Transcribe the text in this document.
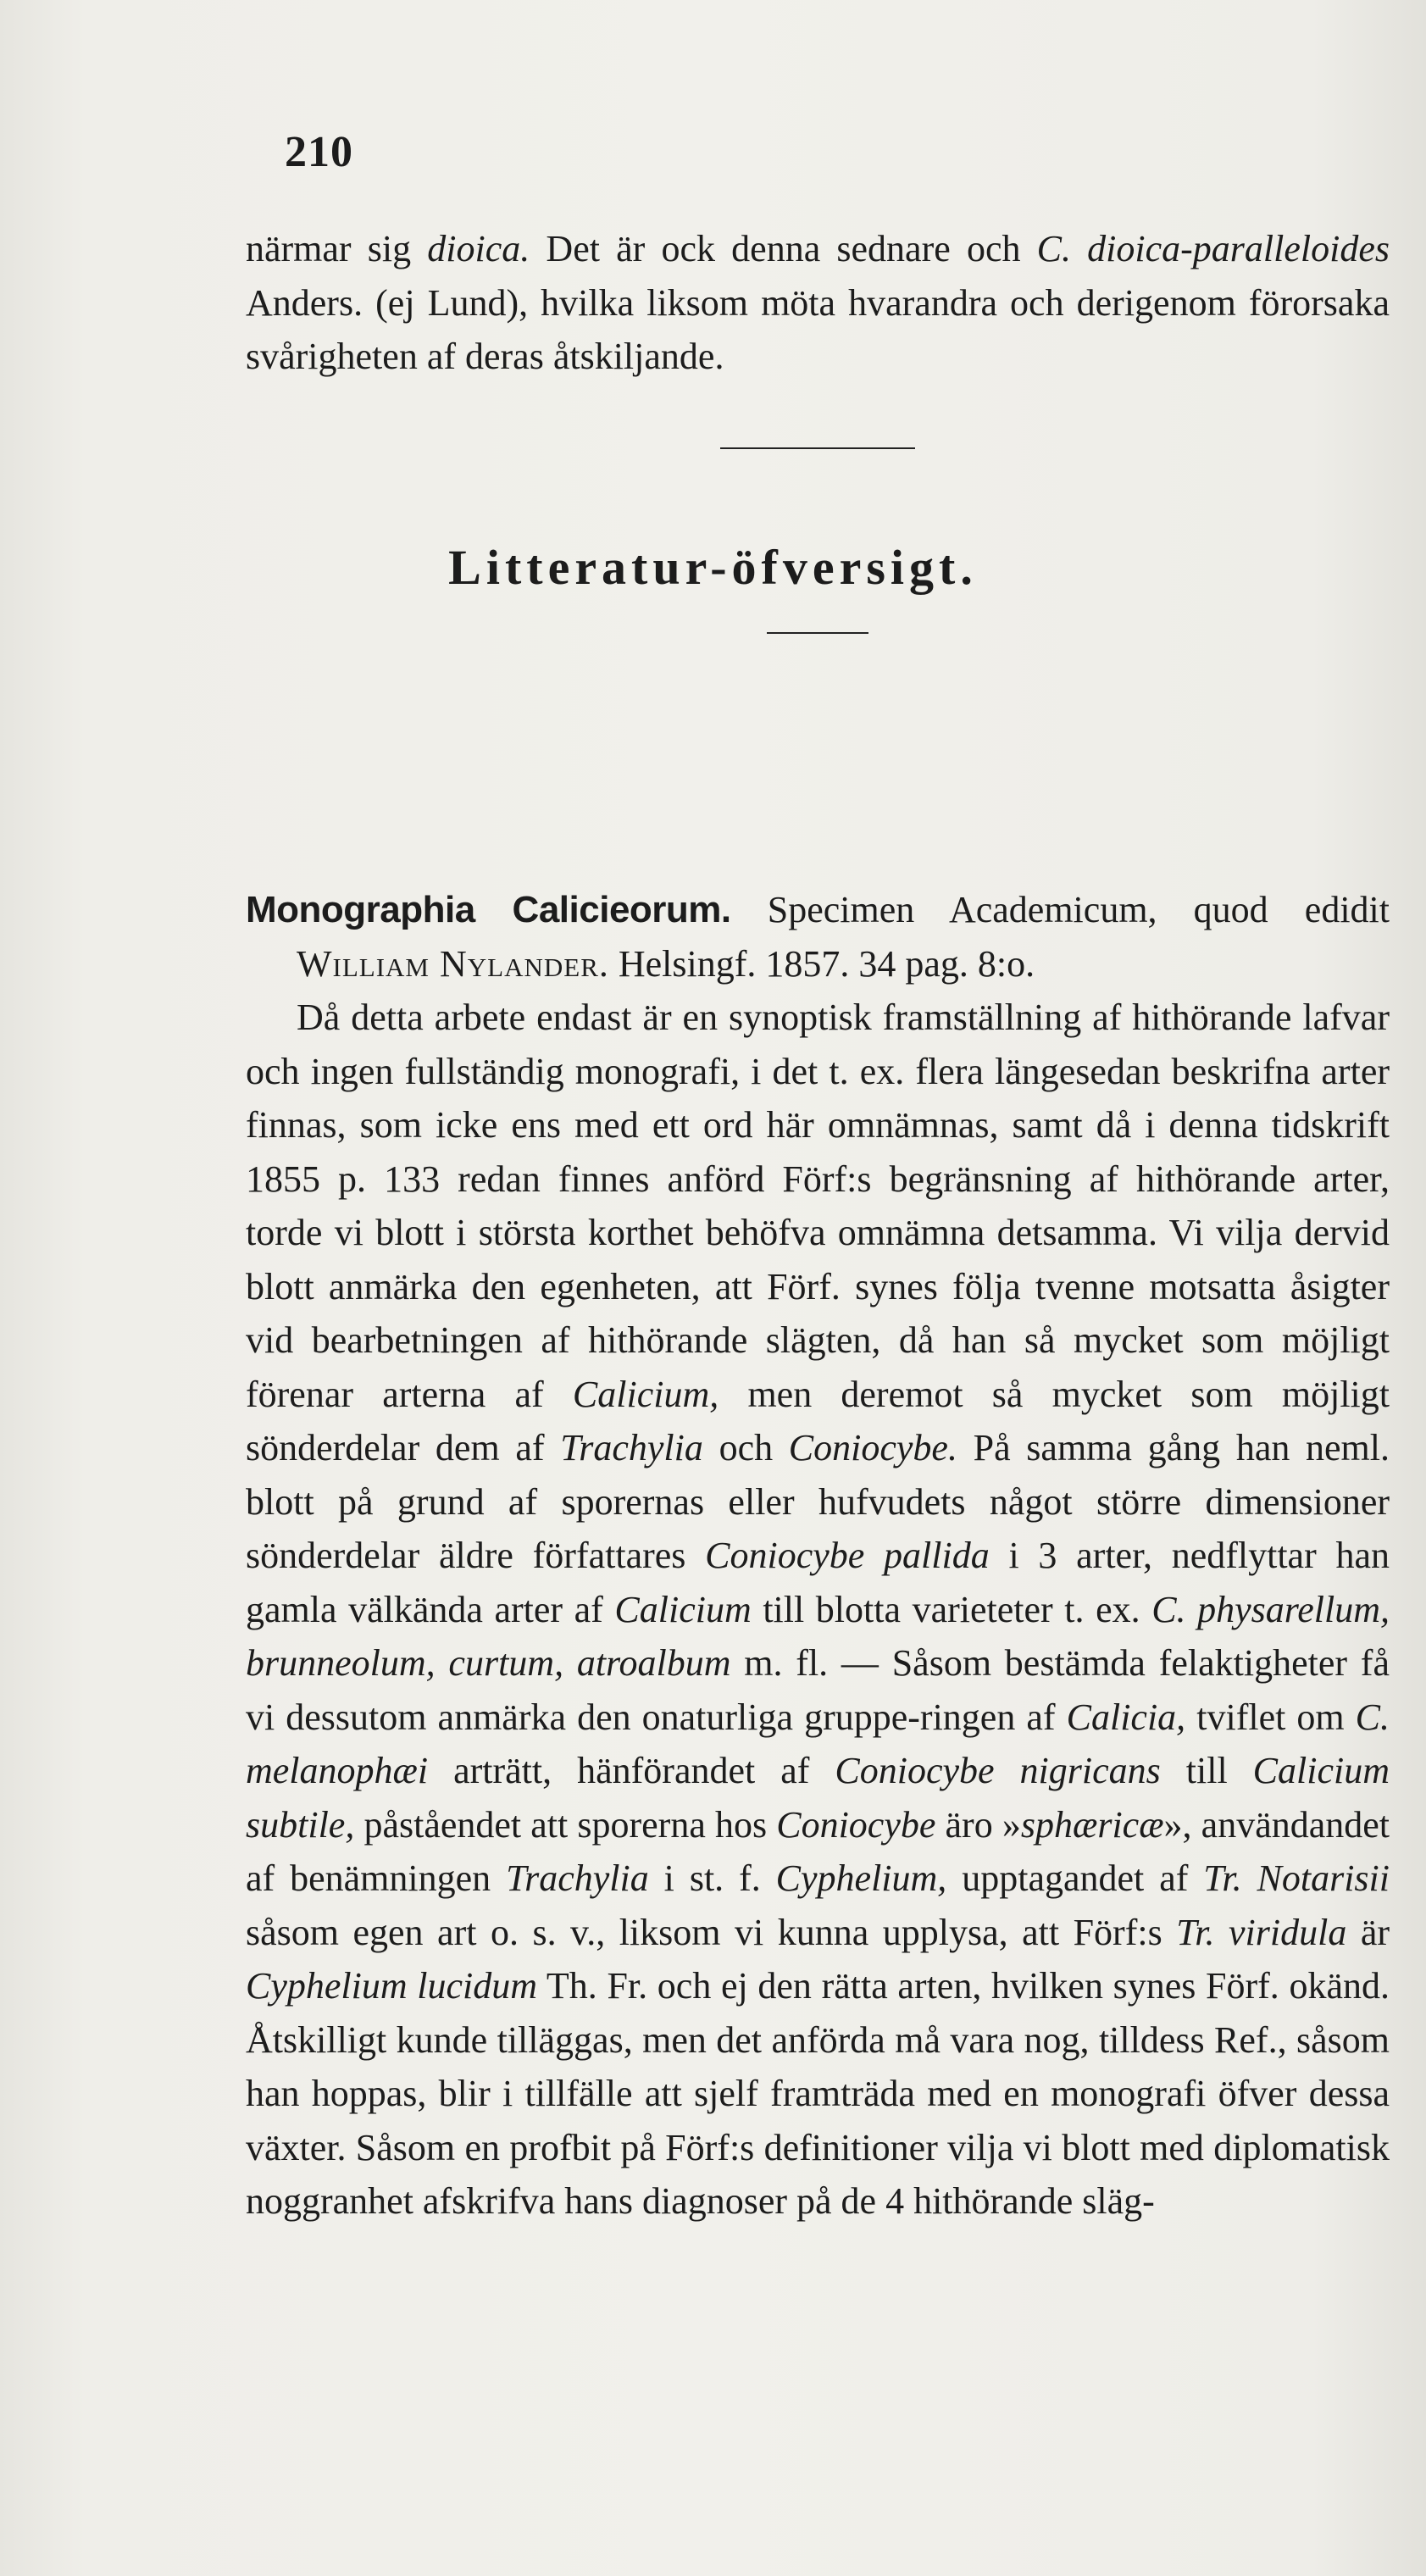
210
närmar sig dioica. Det är ock denna sednare och C. dioica-paralleloides Anders. (ej Lund), hvilka liksom möta hvarandra och derigenom förorsaka svårigheten af deras åtskiljande.
Litteratur-öfversigt.
Monographia Calicieorum. Specimen Academicum, quod edidit William Nylander. Helsingf. 1857. 34 pag. 8:o.
Då detta arbete endast är en synoptisk framställning af hithörande lafvar och ingen fullständig monografi, i det t. ex. flera längesedan beskrifna arter finnas, som icke ens med ett ord här omnämnas, samt då i denna tidskrift 1855 p. 133 redan finnes anförd Förf:s begränsning af hithörande arter, torde vi blott i största korthet behöfva omnämna detsamma. Vi vilja dervid blott anmärka den egenheten, att Förf. synes följa tvenne motsatta åsigter vid bearbetningen af hithörande slägten, då han så mycket som möjligt förenar arterna af Calicium, men deremot så mycket som möjligt sönderdelar dem af Trachylia och Coniocybe. På samma gång han neml. blott på grund af sporernas eller hufvudets något större dimensioner sönderdelar äldre författares Coniocybe pallida i 3 arter, nedflyttar han gamla välkända arter af Calicium till blotta varieteter t. ex. C. physarellum, brunneolum, curtum, atroalbum m. fl. — Såsom bestämda felaktigheter få vi dessutom anmärka den onaturliga gruppe-ringen af Calicia, tviflet om C. melanophæi arträtt, hänförandet af Coniocybe nigricans till Calicium subtile, påståendet att sporerna hos Coniocybe äro »sphæricæ», användandet af benämningen Trachylia i st. f. Cyphelium, upptagandet af Tr. Notarisii såsom egen art o. s. v., liksom vi kunna upplysa, att Förf:s Tr. viridula är Cyphelium lucidum Th. Fr. och ej den rätta arten, hvilken synes Förf. okänd. Åtskilligt kunde tilläggas, men det anförda må vara nog, tilldess Ref., såsom han hoppas, blir i tillfälle att sjelf framträda med en monografi öfver dessa växter. Såsom en profbit på Förf:s definitioner vilja vi blott med diplomatisk noggranhet afskrifva hans diagnoser på de 4 hithörande släg-
